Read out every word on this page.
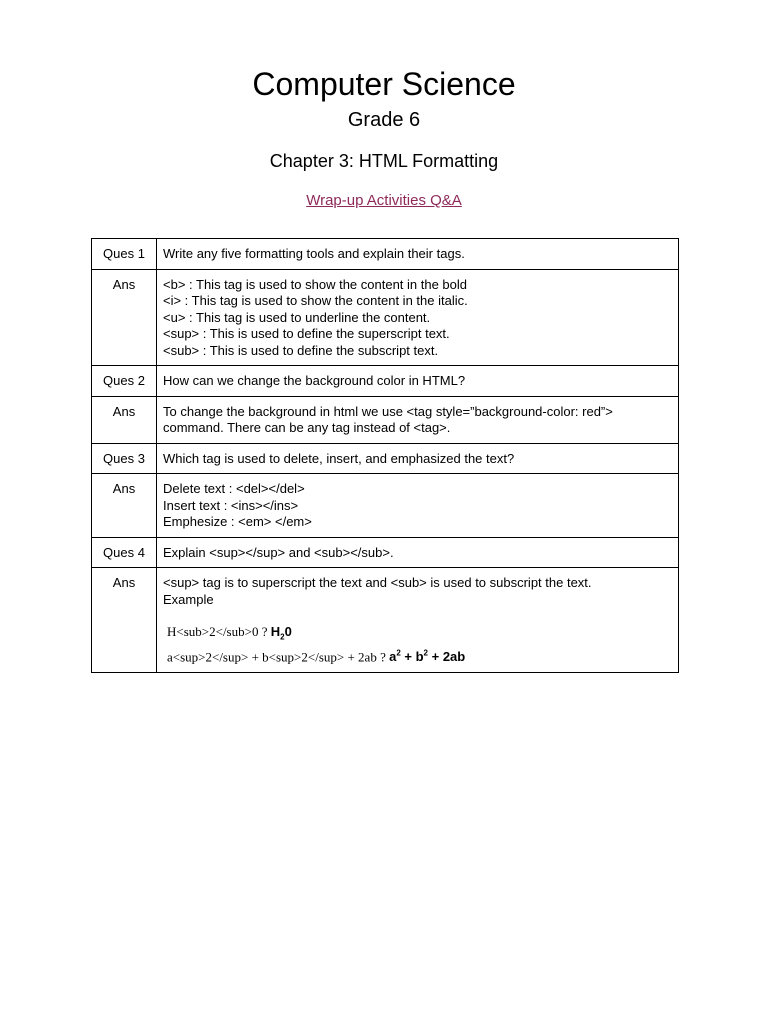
Computer Science
Grade 6
Chapter 3: HTML Formatting
Wrap-up Activities Q&A
Ques 1	Write any five formatting tools and explain their tags.
Ans	<b> : This tag is used to show the content in the bold
<i> : This tag is used to show the content in the italic.
<u> : This tag is used to underline the content.
<sup> : This is used to define the superscript text.
<sub> : This is used to define the subscript text.

Ques 2	How can we change the background color in HTML?
Ans	To change the background in html we use <tag style=”background-color: red”>
command. There can be any tag instead of <tag>.

Ques 3	Which tag is used to delete, insert, and emphasized the text?
Ans	Delete text : <del></del>
Insert text : <ins></ins>
Emphesize : <em> </em>

Ques 4	Explain <sup></sup> and <sub></sub>.
Ans	<sup> tag is to superscript the text and <sub> is used to subscript the text.
Example
H<sub>2</sub>0 ? $H_20$
a<sup>2</sup> + b<sup>2</sup> + 2ab ? $a^2 + b^2 + 2ab$
